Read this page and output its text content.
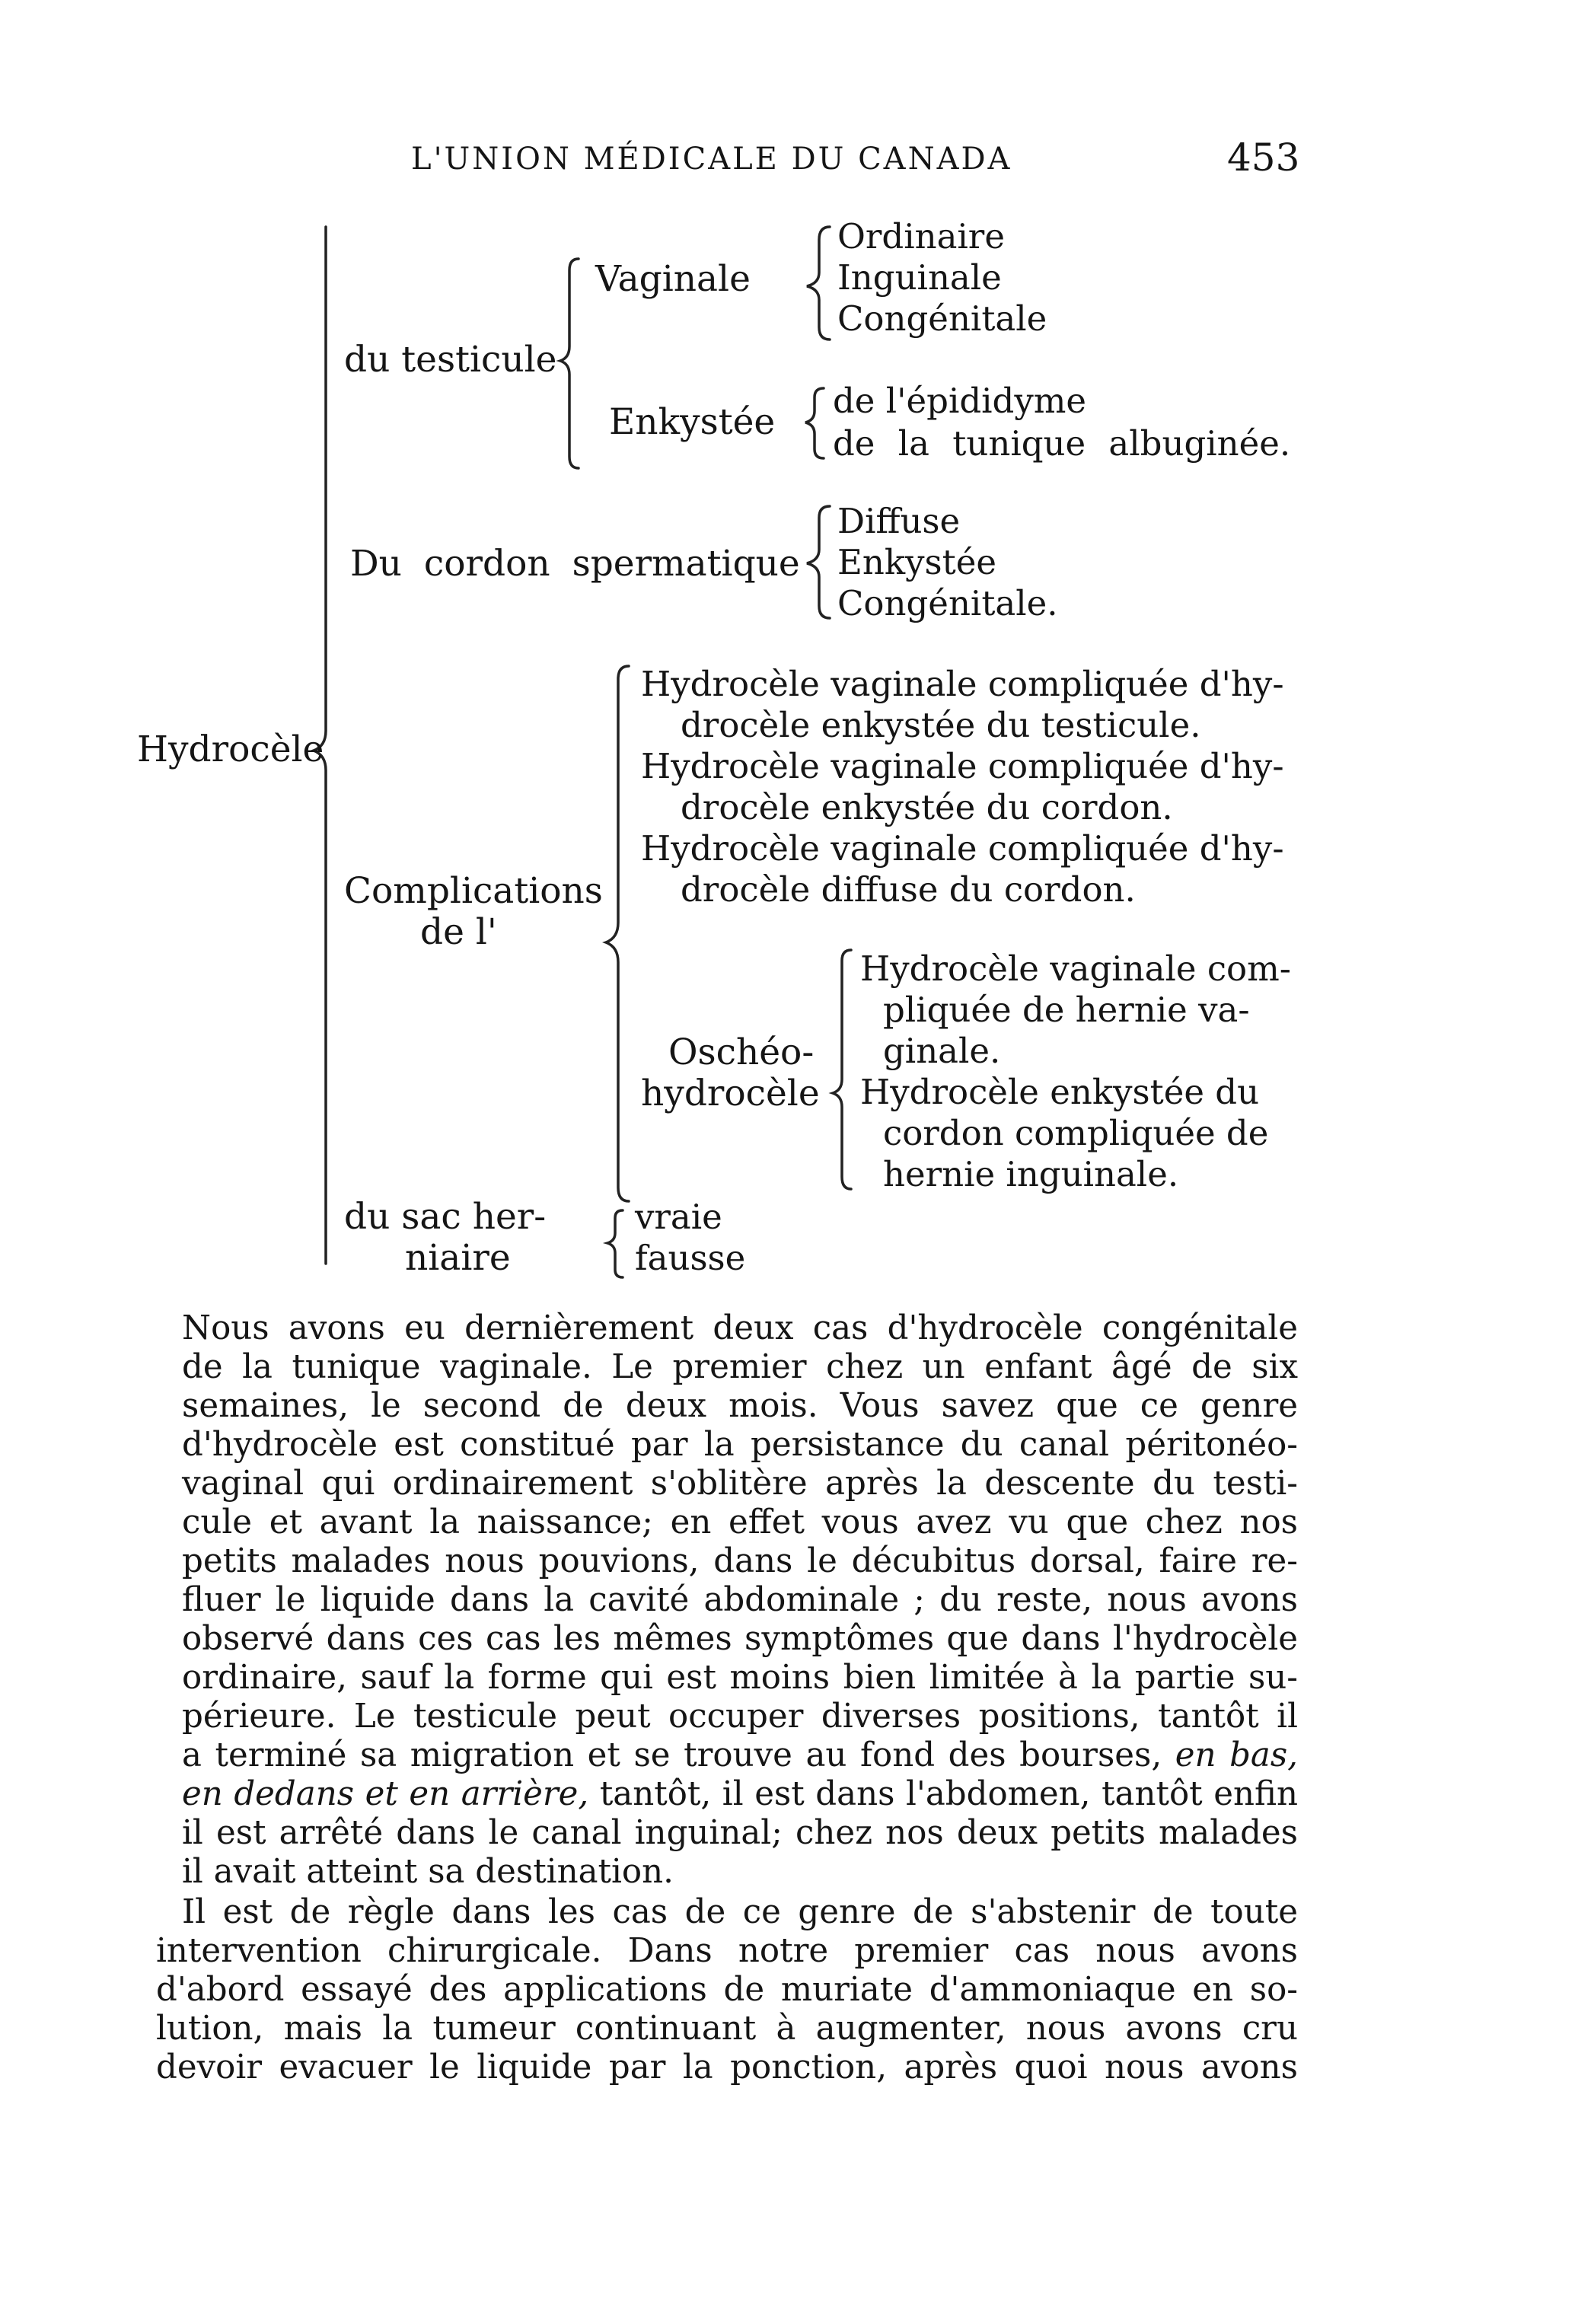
L'UNION MÉDICALE DU CANADA	453
Hydrocèle
du testicule
Vaginale
Ordinaire
Inguinale
Congénitale
Enkystée
de l'épididyme
de la tunique albuginée.
Du cordon spermatique
Diffuse
Enkystée
Congénitale.
Complications
de l'
Hydrocèle vaginale compliquée d'hy-
drocèle enkystée du testicule.
Hydrocèle vaginale compliquée d'hy-
drocèle enkystée du cordon.
Hydrocèle vaginale compliquée d'hy-
drocèle diffuse du cordon.
Oschéo-
hydrocèle
Hydrocèle vaginale com-
pliquée de hernie va-
ginale.
Hydrocèle enkystée du
cordon compliquée de
hernie inguinale.
du sac her-
niaire
vraie
fausse

Nous avons eu dernièrement deux cas d'hydrocèle congénitale
de la tunique vaginale. Le premier chez un enfant âgé de six
semaines, le second de deux mois. Vous savez que ce genre
d'hydrocèle est constitué par la persistance du canal péritonéo-
vaginal qui ordinairement s'oblitère après la descente du testi-
cule et avant la naissance; en effet vous avez vu que chez nos
petits malades nous pouvions, dans le décubitus dorsal, faire re-
fluer le liquide dans la cavité abdominale ; du reste, nous avons
observé dans ces cas les mêmes symptômes que dans l'hydrocèle
ordinaire, sauf la forme qui est moins bien limitée à la partie su-
périeure. Le testicule peut occuper diverses positions, tantôt il
a terminé sa migration et se trouve au fond des bourses, en bas,
en dedans et en arrière, tantôt, il est dans l'abdomen, tantôt enfin
il est arrêté dans le canal inguinal; chez nos deux petits malades
il avait atteint sa destination.

Il est de règle dans les cas de ce genre de s'abstenir de toute
intervention chirurgicale. Dans notre premier cas nous avons
d'abord essayé des applications de muriate d'ammoniaque en so-
lution, mais la tumeur continuant à augmenter, nous avons cru
devoir evacuer le liquide par la ponction, après quoi nous avons
